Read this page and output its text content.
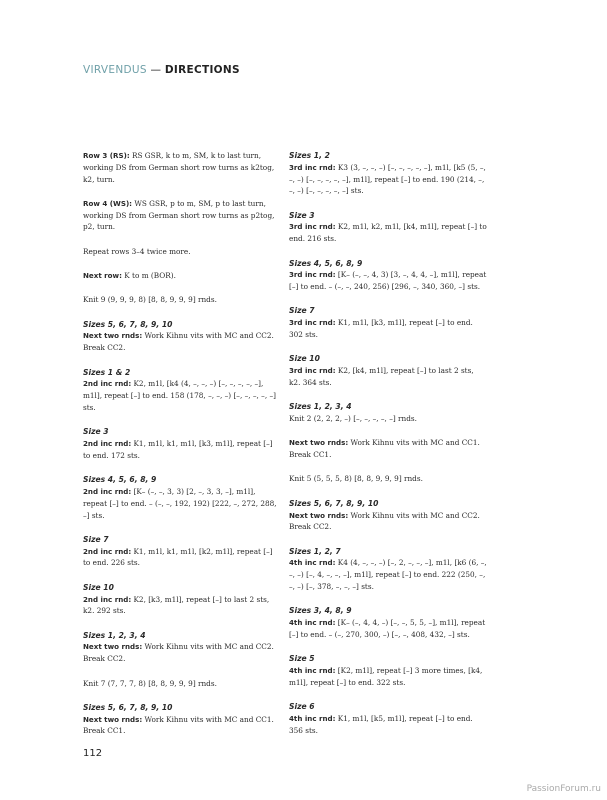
VIRVENDUS — DIRECTIONS
Row 3 (RS): RS GSR, k to m, SM, k to last turn, working DS from German short row turns as k2tog, k2, turn.
Row 4 (WS): WS GSR, p to m, SM, p to last turn, working DS from German short row turns as p2tog, p2, turn.
Repeat rows 3–4 twice more.
Next row: K to m (BOR).
Knit 9 (9, 9, 9, 8) [8, 8, 9, 9, 9] rnds.
Sizes 5, 6, 7, 8, 9, 10
Next two rnds: Work Kihnu vits with MC and CC2. Break CC2.
Sizes 1 & 2
2nd inc rnd: K2, m1l, [k4 (4, –, –, –) [–, –, –, –, –], m1l], repeat [–] to end. 158 (178, –, –, –) [–, –, –, –, –] sts.
Size 3
2nd inc rnd: K1, m1l, k1, m1l, [k3, m1l], repeat [–] to end. 172 sts.
Sizes 4, 5, 6, 8, 9
2nd inc rnd: [K– (–, –, 3, 3) [2, –, 3, 3, –], m1l], repeat [–] to end. – (–, –, 192, 192) [222, –, 272, 288, –] sts.
Size 7
2nd inc rnd: K1, m1l, k1, m1l, [k2, m1l], repeat [–] to end. 226 sts.
Size 10
2nd inc rnd: K2, [k3, m1l], repeat [–] to last 2 sts, k2. 292 sts.
Sizes 1, 2, 3, 4
Next two rnds: Work Kihnu vits with MC and CC2. Break CC2.
Knit 7 (7, 7, 7, 8) [8, 8, 9, 9, 9] rnds.
Sizes 5, 6, 7, 8, 9, 10
Next two rnds: Work Kihnu vits with MC and CC1. Break CC1.
Sizes 1, 2
3rd inc rnd: K3 (3, –, –, –) [–, –, –, –, –], m1l, [k5 (5, –, –, –) [–, –, –, –, –], m1l], repeat [–] to end. 190 (214, –, –, –) [–, –, –, –, –] sts.
Size 3
3rd inc rnd: K2, m1l, k2, m1l, [k4, m1l], repeat [–] to end. 216 sts.
Sizes 4, 5, 6, 8, 9
3rd inc rnd: [K– (–, –, 4, 3) [3, –, 4, 4, –], m1l], repeat [–] to end. – (–, –, 240, 256) [296, –, 340, 360, –] sts.
Size 7
3rd inc rnd: K1, m1l, [k3, m1l], repeat [–] to end. 302 sts.
Size 10
3rd inc rnd: K2, [k4, m1l], repeat [–] to last 2 sts, k2. 364 sts.
Sizes 1, 2, 3, 4
Knit 2 (2, 2, 2, –) [–, –, –, –, –] rnds.
Next two rnds: Work Kihnu vits with MC and CC1. Break CC1.
Knit 5 (5, 5, 5, 8) [8, 8, 9, 9, 9] rnds.
Sizes 5, 6, 7, 8, 9, 10
Next two rnds: Work Kihnu vits with MC and CC2. Break CC2.
Sizes 1, 2, 7
4th inc rnd: K4 (4, –, –, –) [–, 2, –, –, –], m1l, [k6 (6, –, –, –) [–, 4, –, –, –], m1l], repeat [–] to end. 222 (250, –, –, –) [–, 378, –, –, –] sts.
Sizes 3, 4, 8, 9
4th inc rnd: [K– (–, 4, 4, –) [–, –, 5, 5, –], m1l], repeat [–] to end. – (–, 270, 300, –) [–, –, 408, 432, –] sts.
Size 5
4th inc rnd: [K2, m1l], repeat [–] 3 more times, [k4, m1l], repeat [–] to end. 322 sts.
Size 6
4th inc rnd: K1, m1l, [k5, m1l], repeat [–] to end. 356 sts.
112
PassionForum.ru
